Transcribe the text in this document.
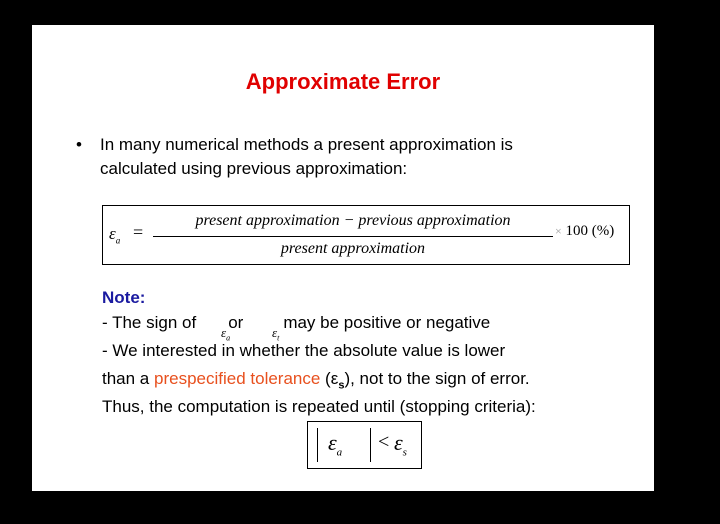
Approximate Error
• In many numerical methods a present approximation is
calculated using previous approximation:
$\varepsilon_a$ =
present approximation − previous approximation
present approximation
× 100 (%)
Note:
- The sign of or may be positive or negative
$\varepsilon_a$	$\varepsilon_t$
- We interested in whether the absolute value is lower
than a prespecified tolerance $(\varepsilon_s)$, not to the sign of error.
Thus, the computation is repeated until (stopping criteria):
$\varepsilon_a < \varepsilon_s$
